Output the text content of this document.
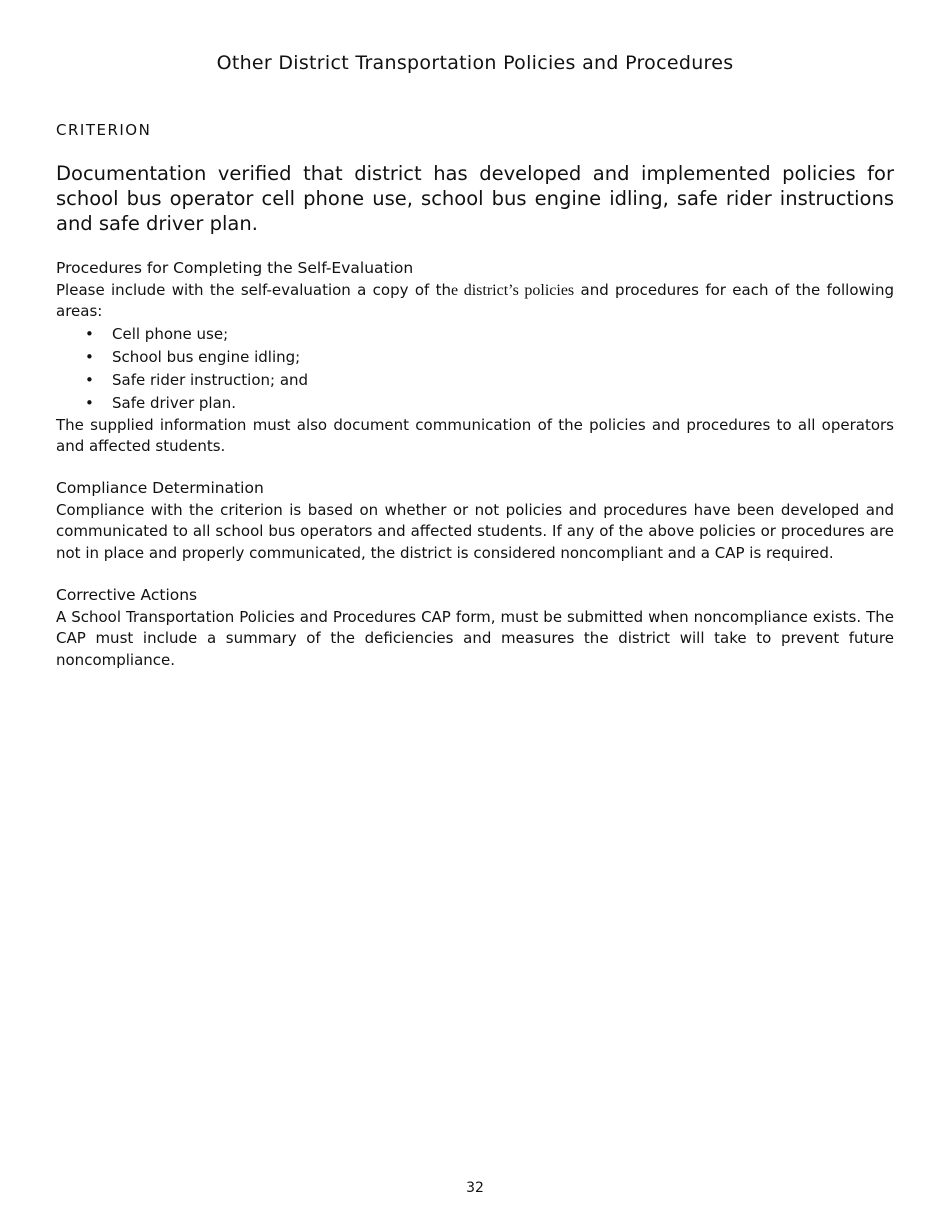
Other District Transportation Policies and Procedures
CRITERION
Documentation verified that district has developed and implemented policies for school bus operator cell phone use, school bus engine idling, safe rider instructions and safe driver plan.
Procedures for Completing the Self-Evaluation

Please include with the self-evaluation a copy of the district’s policies and procedures for each of the following areas:

• Cell phone use;
• School bus engine idling;
• Safe rider instruction; and
• Safe driver plan.

The supplied information must also document communication of the policies and procedures to all operators and affected students.

Compliance Determination

Compliance with the criterion is based on whether or not policies and procedures have been developed and communicated to all school bus operators and affected students. If any of the above policies or procedures are not in place and properly communicated, the district is considered noncompliant and a CAP is required.

Corrective Actions

A School Transportation Policies and Procedures CAP form, must be submitted when noncompliance exists. The CAP must include a summary of the deficiencies and measures the district will take to prevent future noncompliance.

32
